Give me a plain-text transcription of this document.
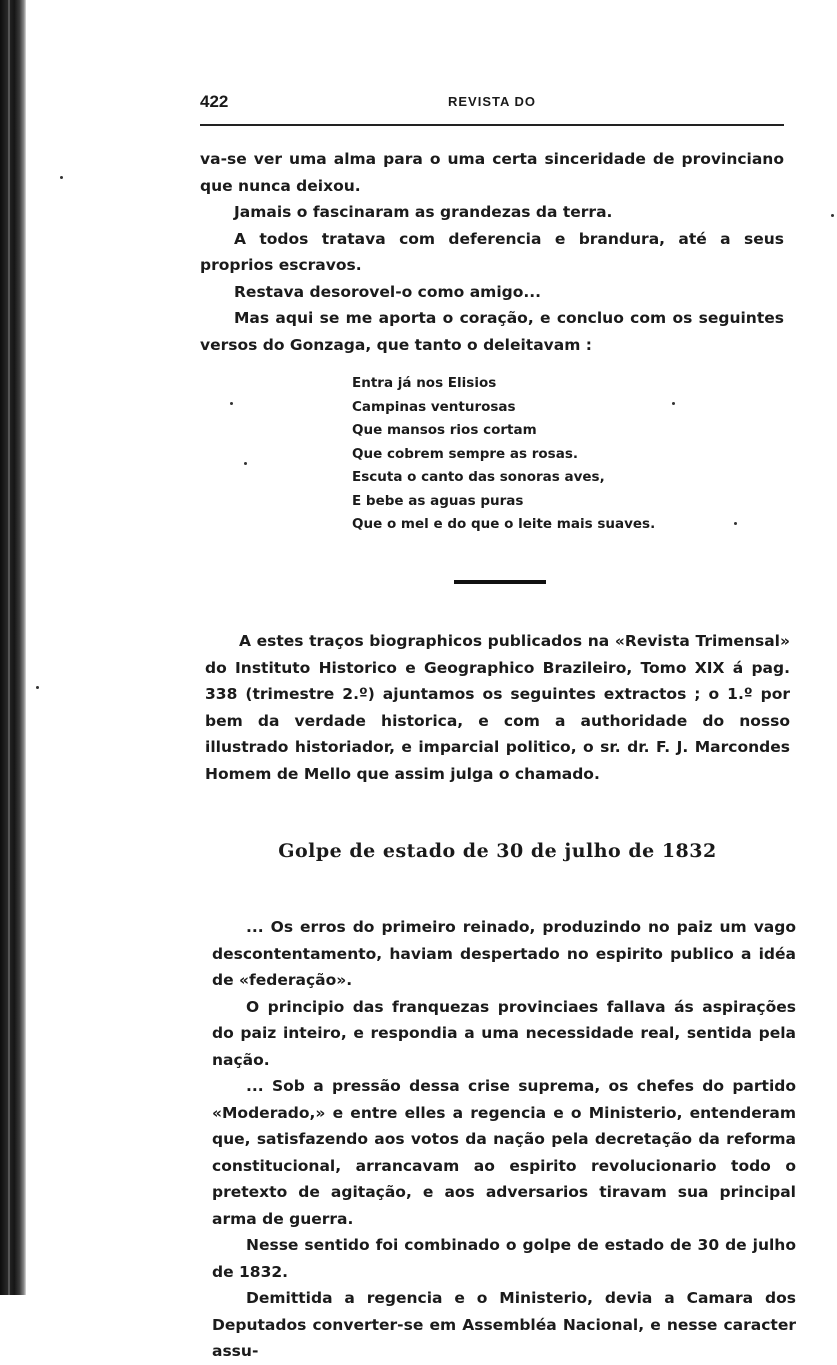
422	REVISTA DO

va-se ver uma alma para o uma certa sinceridade de provinciano que nunca deixou.

Jamais o fascinaram as grandezas da terra.

A todos tratava com deferencia e brandura, até a seus proprios escravos.

Restava desorovel-o como amigo...

Mas aqui se me aporta o coração, e concluo com os seguintes versos do Gonzaga, que tanto o deleitavam :

Entra já nos Elisios
Campinas venturosas
Que mansos rios cortam
Que cobrem sempre as rosas.
Escuta o canto das sonoras aves,
E bebe as aguas puras
Que o mel e do que o leite mais suaves.

A estes traços biographicos publicados na «Revista Trimensal» do Instituto Historico e Geographico Brazileiro, Tomo XIX á pag. 338 (trimestre 2.º) ajuntamos os seguintes extractos ; o 1.º por bem da verdade historica, e com a authoridade do nosso illustrado historiador, e imparcial politico, o sr. dr. F. J. Marcondes Homem de Mello que assim julga o chamado.

Golpe de estado de 30 de julho de 1832

... Os erros do primeiro reinado, produzindo no paiz um vago descontentamento, haviam despertado no espirito publico a idéa de «federação».

O principio das franquezas provinciaes fallava ás aspirações do paiz inteiro, e respondia a uma necessidade real, sentida pela nação.

... Sob a pressão dessa crise suprema, os chefes do partido «Moderado,» e entre elles a regencia e o Ministerio, entenderam que, satisfazendo aos votos da nação pela decretação da reforma constitucional, arrancavam ao espirito revolucionario todo o pretexto de agitação, e aos adversarios tiravam sua principal arma de guerra.

Nesse sentido foi combinado o golpe de estado de 30 de julho de 1832.

Demittida a regencia e o Ministerio, devia a Camara dos Deputados converter-se em Assembléa Nacional, e nesse caracter assu-
